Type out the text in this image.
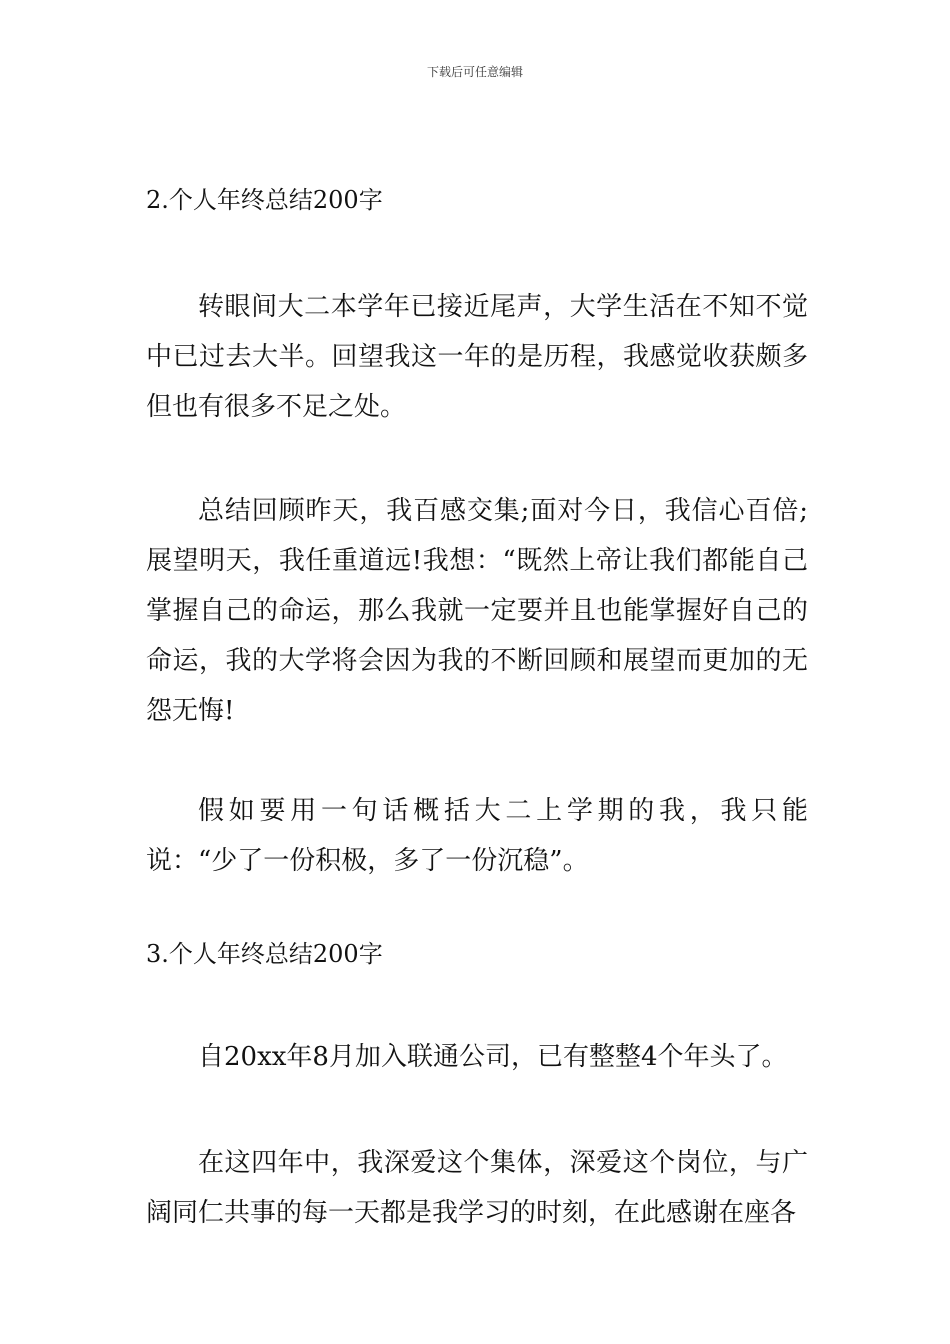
下载后可任意编辑
2.个人年终总结200字

转眼间大二本学年已接近尾声，大学生活在不知不觉中已过去大半。回望我这一年的是历程，我感觉收获颇多但也有很多不足之处。

总结回顾昨天，我百感交集;面对今日，我信心百倍;展望明天，我任重道远!我想：“既然上帝让我们都能自己掌握自己的命运，那么我就一定要并且也能掌握好自己的命运，我的大学将会因为我的不断回顾和展望而更加的无怨无悔!

假如要用一句话概括大二上学期的我，我只能说：“少了一份积极，多了一份沉稳”。

3.个人年终总结200字

自20xx年8月加入联通公司，已有整整4个年头了。

在这四年中，我深爱这个集体，深爱这个岗位，与广阔同仁共事的每一天都是我学习的时刻，在此感谢在座各
